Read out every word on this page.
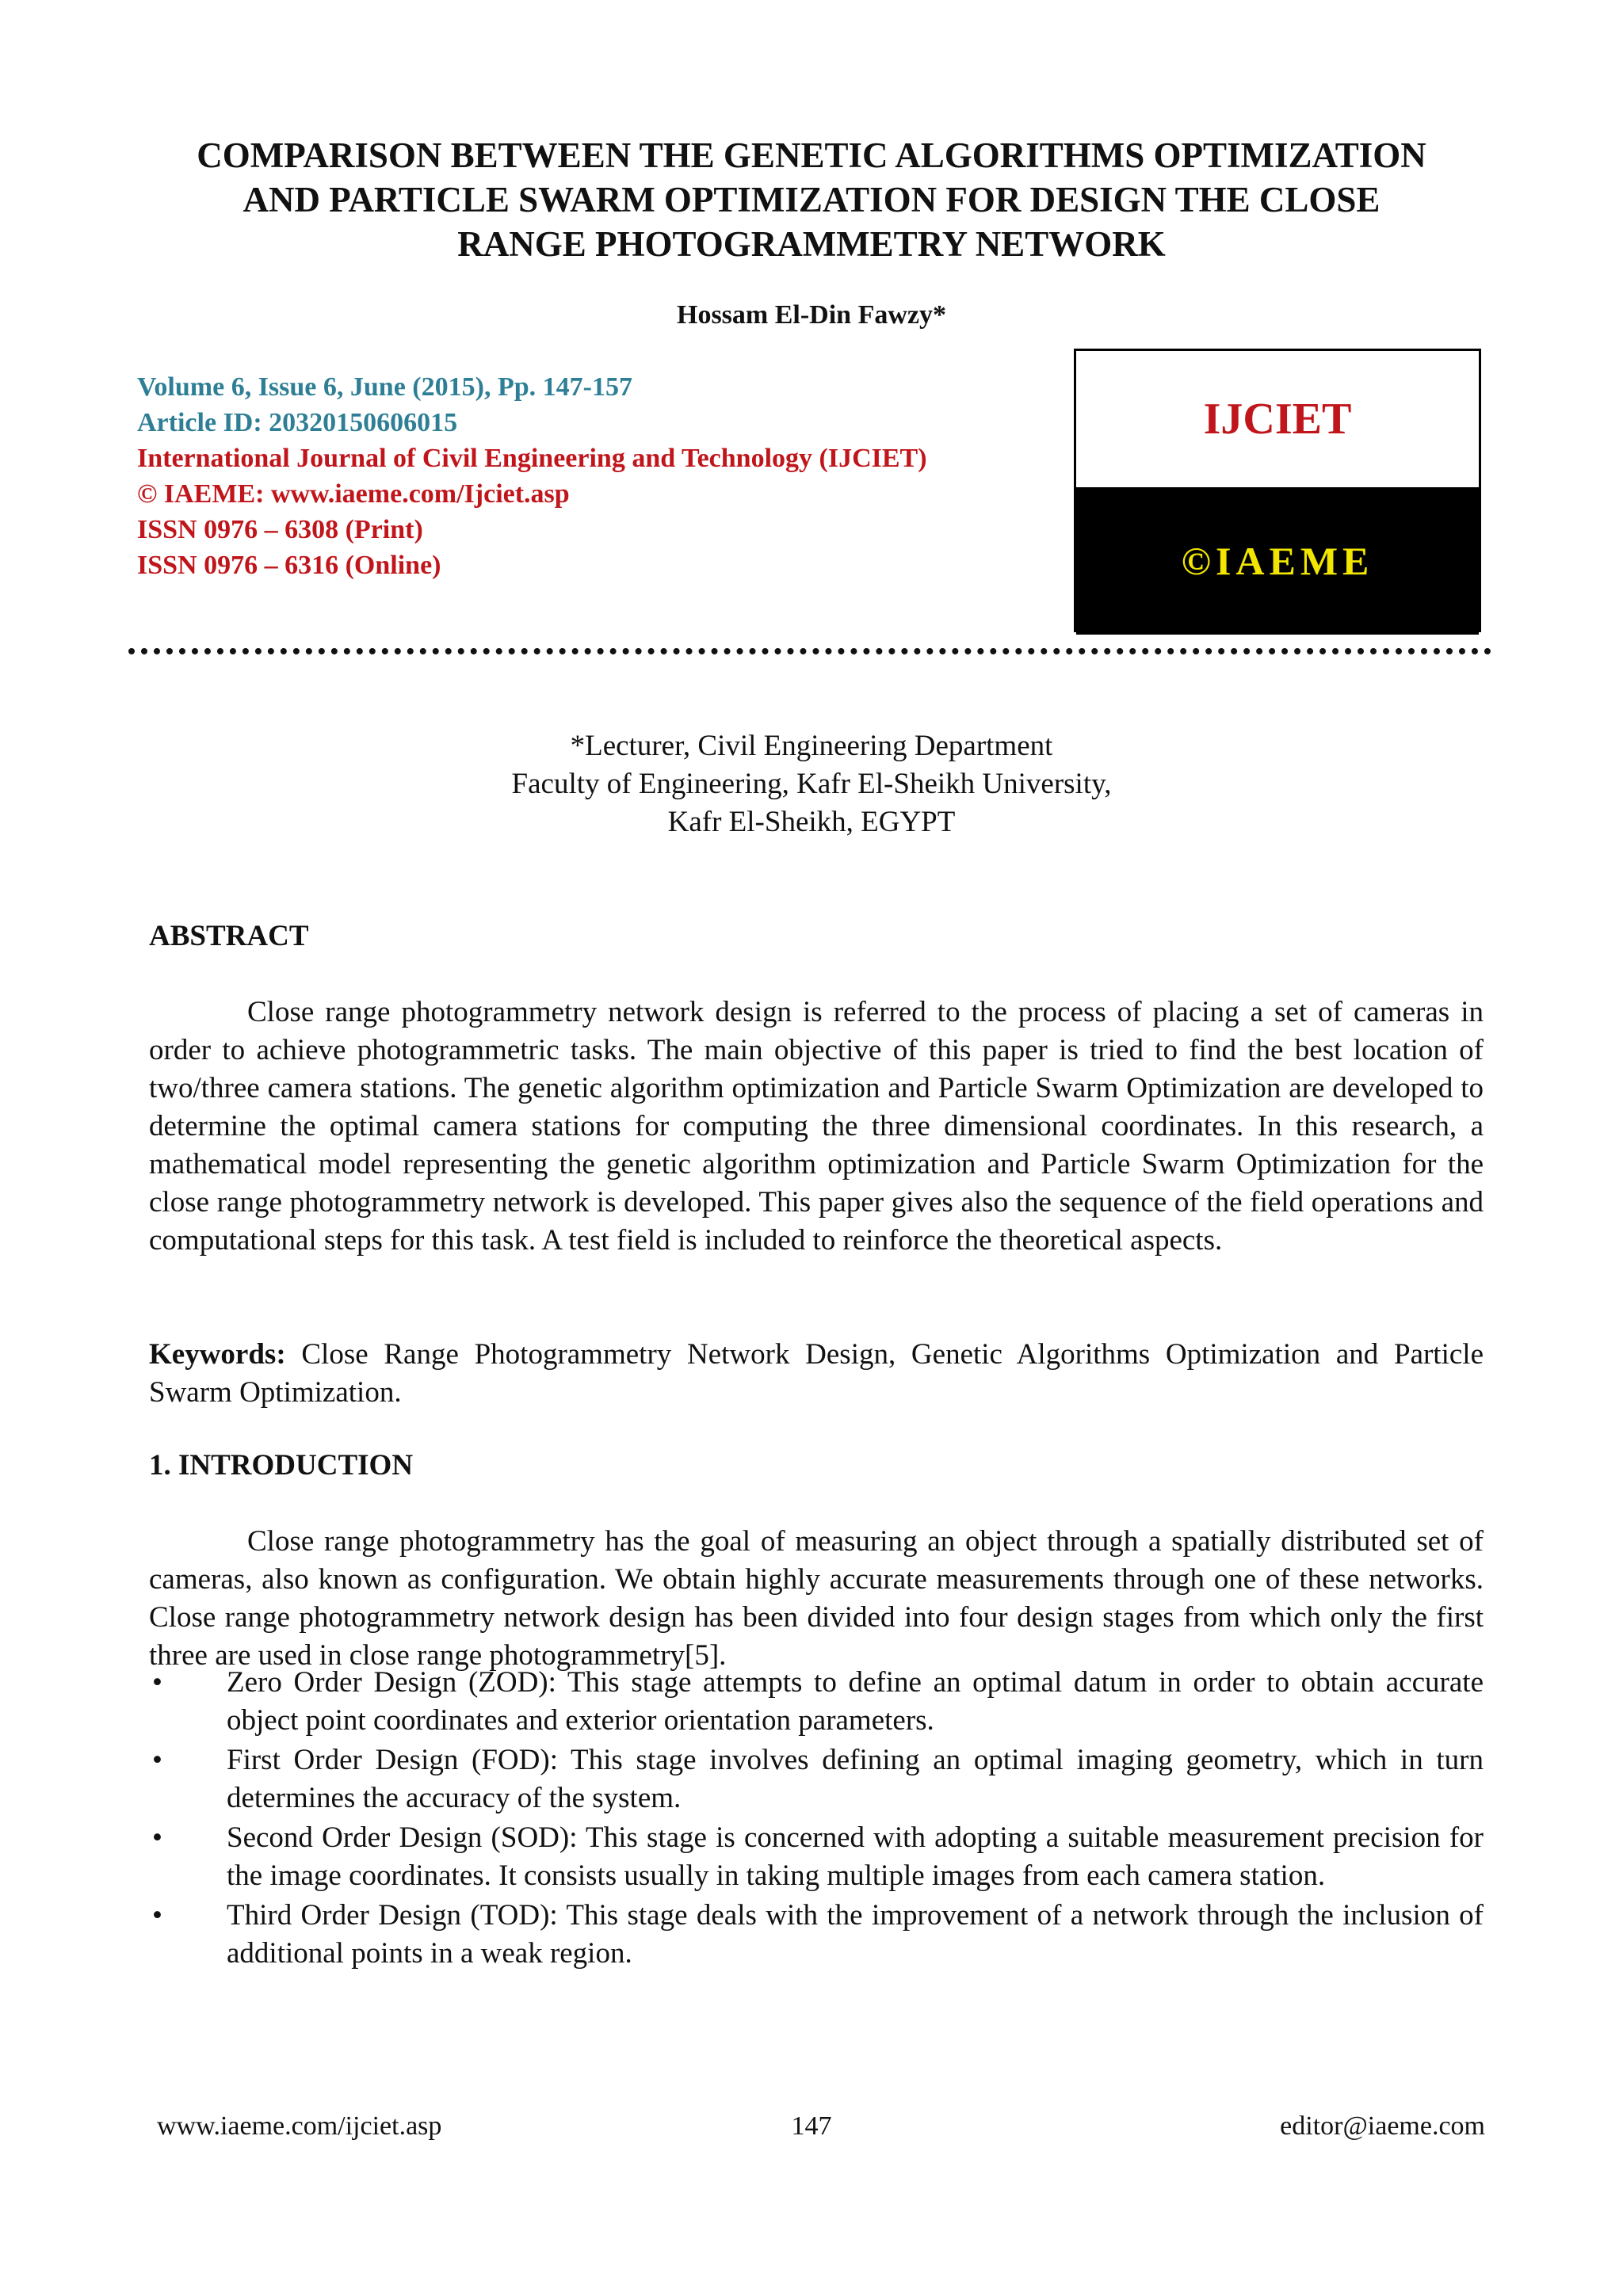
COMPARISON BETWEEN THE GENETIC ALGORITHMS OPTIMIZATION
AND PARTICLE SWARM OPTIMIZATION FOR DESIGN THE CLOSE
RANGE PHOTOGRAMMETRY NETWORK
Hossam El-Din Fawzy*
Volume 6, Issue 6, June (2015), Pp. 147-157
Article ID: 20320150606015
International Journal of Civil Engineering and Technology (IJCIET)
© IAEME: www.iaeme.com/Ijciet.asp
ISSN 0976 – 6308 (Print)
ISSN 0976 – 6316 (Online)
IJCIET
©IAEME
*Lecturer, Civil Engineering Department
Faculty of Engineering, Kafr El-Sheikh University,
Kafr El-Sheikh, EGYPT
ABSTRACT

Close range photogrammetry network design is referred to the process of placing a set of cameras in order to achieve photogrammetric tasks. The main objective of this paper is tried to find the best location of two/three camera stations. The genetic algorithm optimization and Particle Swarm Optimization are developed to determine the optimal camera stations for computing the three dimensional coordinates. In this research, a mathematical model representing the genetic algorithm optimization and Particle Swarm Optimization for the close range photogrammetry network is developed. This paper gives also the sequence of the field operations and computational steps for this task. A test field is included to reinforce the theoretical aspects.

Keywords: Close Range Photogrammetry Network Design, Genetic Algorithms Optimization and Particle Swarm Optimization.

1. INTRODUCTION

Close range photogrammetry has the goal of measuring an object through a spatially distributed set of cameras, also known as configuration. We obtain highly accurate measurements through one of these networks. Close range photogrammetry network design has been divided into four design stages from which only the first three are used in close range photogrammetry[5].

• Zero Order Design (ZOD): This stage attempts to define an optimal datum in order to obtain accurate object point coordinates and exterior orientation parameters.
• First Order Design (FOD): This stage involves defining an optimal imaging geometry, which in turn determines the accuracy of the system.
• Second Order Design (SOD): This stage is concerned with adopting a suitable measurement precision for the image coordinates. It consists usually in taking multiple images from each camera station.
• Third Order Design (TOD): This stage deals with the improvement of a network through the inclusion of additional points in a weak region.
www.iaeme.com/ijciet.asp	147	editor@iaeme.com
